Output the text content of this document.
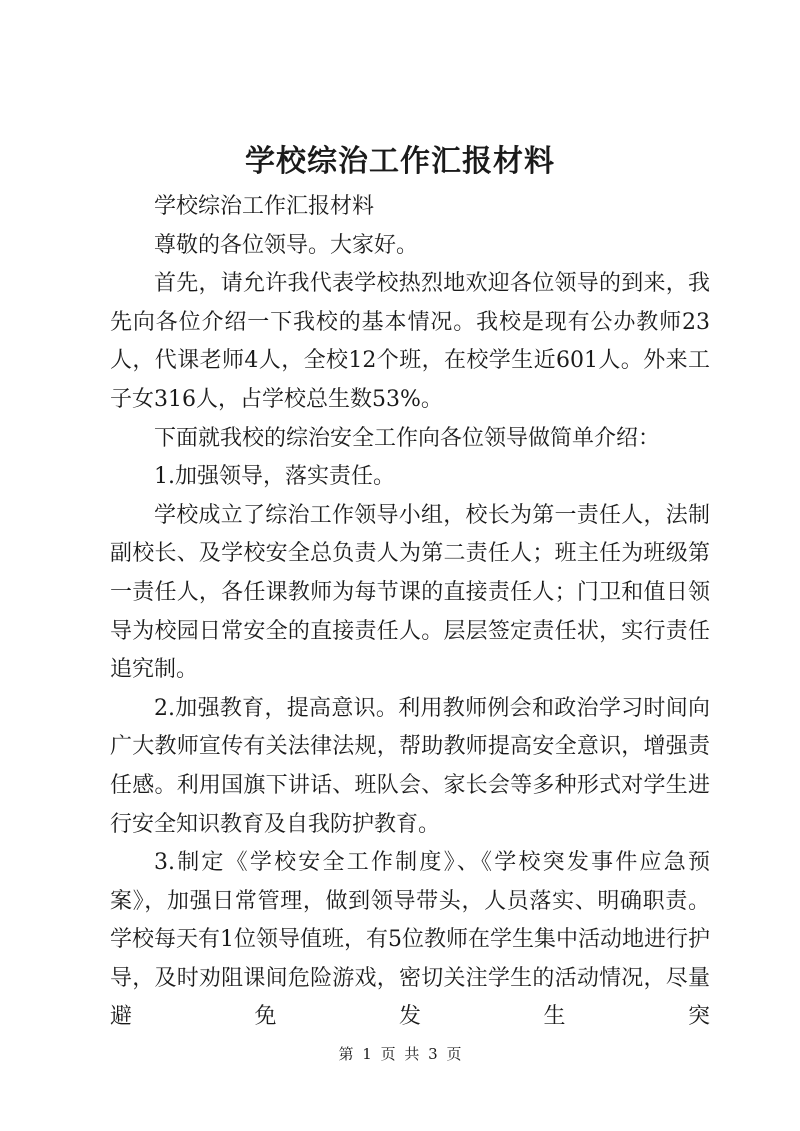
学校综治工作汇报材料

学校综治工作汇报材料

尊敬的各位领导。大家好。

首先，请允许我代表学校热烈地欢迎各位领导的到来，我先向各位介绍一下我校的基本情况。我校是现有公办教师23人，代课老师4人，全校12个班，在校学生近601人。外来工子女316人，占学校总生数53%。

下面就我校的综治安全工作向各位领导做简单介绍：

1.加强领导，落实责任。

学校成立了综治工作领导小组，校长为第一责任人，法制副校长、及学校安全总负责人为第二责任人；班主任为班级第一责任人，各任课教师为每节课的直接责任人；门卫和值日领导为校园日常安全的直接责任人。层层签定责任状，实行责任追究制。

2.加强教育，提高意识。利用教师例会和政治学习时间向广大教师宣传有关法律法规，帮助教师提高安全意识，增强责任感。利用国旗下讲话、班队会、家长会等多种形式对学生进行安全知识教育及自我防护教育。

3.制定《学校安全工作制度》、《学校突发事件应急预案》，加强日常管理，做到领导带头，人员落实、明确职责。学校每天有1位领导值班，有5位教师在学生集中活动地进行护导，及时劝阻课间危险游戏，密切关注学生的活动情况，尽量避免发生突

第 1 页 共 3 页
